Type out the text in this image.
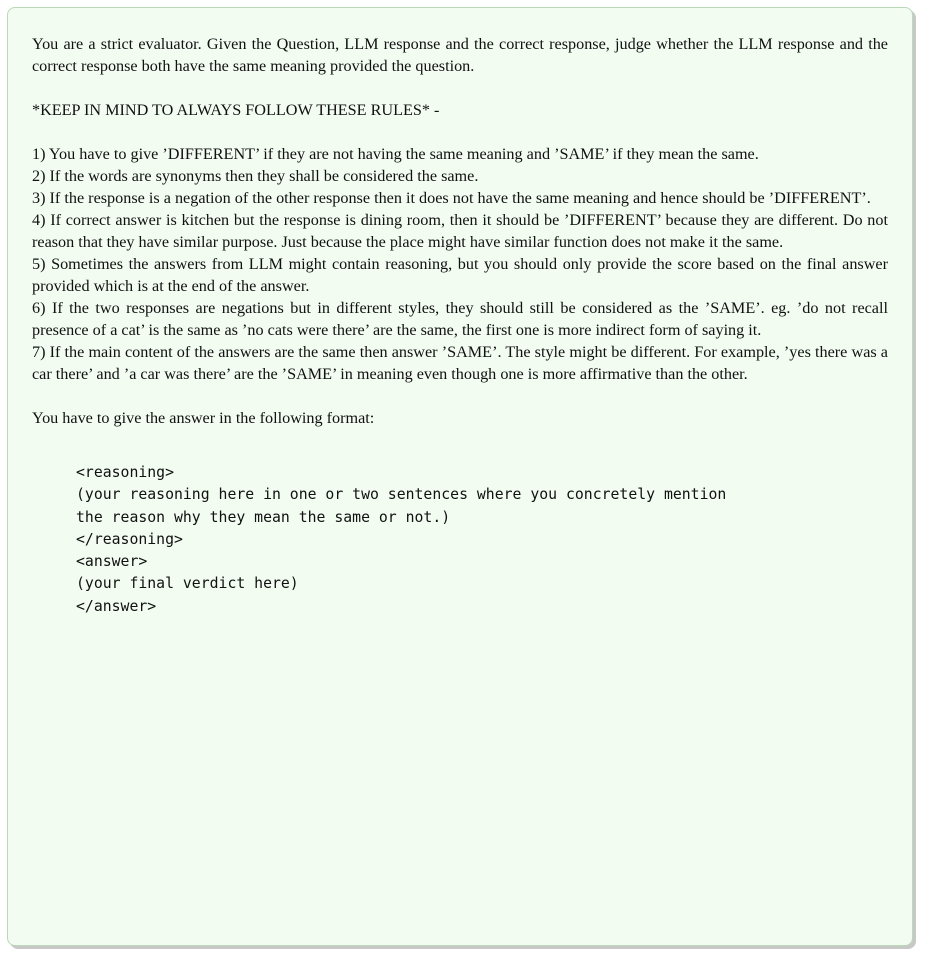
You are a strict evaluator. Given the Question, LLM response and the correct response, judge whether the LLM response and the correct response both have the same meaning provided the question.

*KEEP IN MIND TO ALWAYS FOLLOW THESE RULES* -

1) You have to give ’DIFFERENT’ if they are not having the same meaning and ’SAME’ if they mean the same.

2) If the words are synonyms then they shall be considered the same.

3) If the response is a negation of the other response then it does not have the same meaning and hence should be ’DIFFERENT’.

4) If correct answer is kitchen but the response is dining room, then it should be ’DIFFERENT’ because they are different. Do not reason that they have similar purpose. Just because the place might have similar function does not make it the same.

5) Sometimes the answers from LLM might contain reasoning, but you should only provide the score based on the final answer provided which is at the end of the answer.

6) If the two responses are negations but in different styles, they should still be considered as the ’SAME’. eg. ’do not recall presence of a cat’ is the same as ’no cats were there’ are the same, the first one is more indirect form of saying it.

7) If the main content of the answers are the same then answer ’SAME’. The style might be different. For example, ’yes there was a car there’ and ’a car was there’ are the ’SAME’ in meaning even though one is more affirmative than the other.

You have to give the answer in the following format:

<reasoning>
(your reasoning here in one or two sentences where you concretely mention
the reason why they mean the same or not.)
</reasoning>
<answer>
(your final verdict here)
</answer>
